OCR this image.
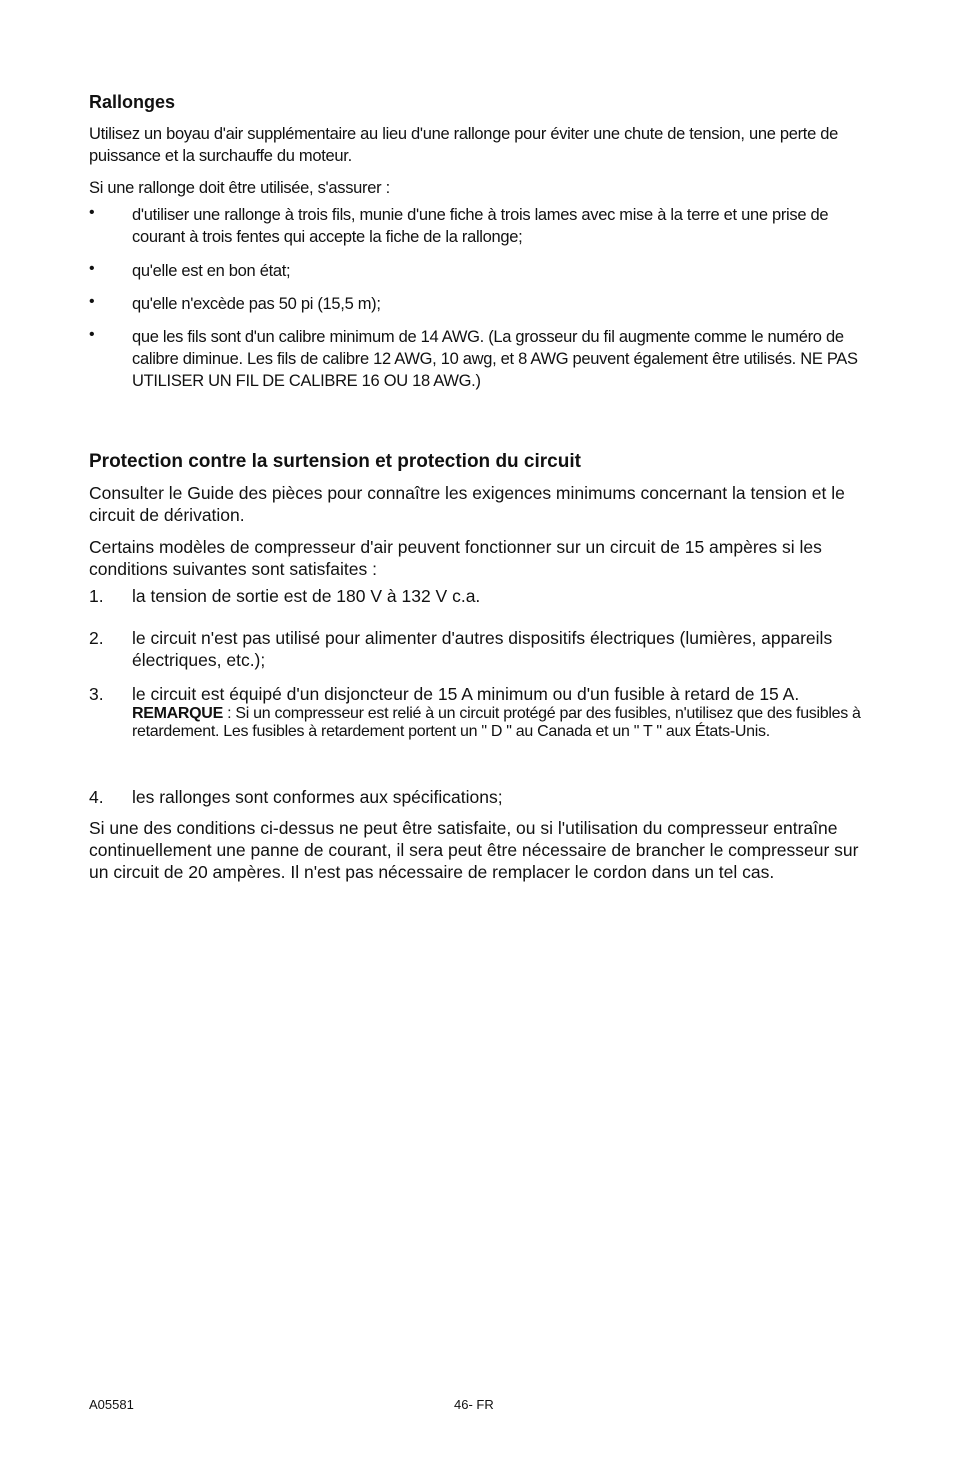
Rallonges
Utilisez un boyau d'air supplémentaire au lieu d'une rallonge pour éviter une chute de tension, une perte de puissance et la surchauffe du moteur.
Si une rallonge doit être utilisée, s'assurer :
•	d'utiliser une rallonge à trois fils, munie d'une fiche à trois lames avec mise à la terre et une prise de courant à trois fentes qui accepte la fiche de la rallonge;
•	qu'elle est en bon état;
•	qu'elle n'excède pas 50 pi (15,5 m);
•	que les fils sont d'un calibre minimum de 14 AWG. (La grosseur du fil augmente comme le numéro de calibre diminue. Les fils de calibre 12 AWG, 10 awg, et 8 AWG peuvent également être utilisés. NE PAS UTILISER UN FIL DE CALIBRE 16 OU 18 AWG.)
Protection contre la surtension et protection du circuit
Consulter le Guide des pièces pour connaître les exigences minimums concernant la tension et le circuit de dérivation.
Certains modèles de compresseur d'air peuvent fonctionner sur un circuit de 15 ampères si les conditions suivantes sont satisfaites :
1. la tension de sortie est de 180 V à 132 V c.a.
2. le circuit n'est pas utilisé pour alimenter d'autres dispositifs électriques (lumières, appareils électriques, etc.);
3. le circuit est équipé d'un disjoncteur de 15 A minimum ou d'un fusible à retard de 15 A. REMARQUE : Si un compresseur est relié à un circuit protégé par des fusibles, n'utilisez que des fusibles à retardement. Les fusibles à retardement portent un " D " au Canada et un " T " aux États-Unis.
4. les rallonges sont conformes aux spécifications;
Si une des conditions ci-dessus ne peut être satisfaite, ou si l'utilisation du compresseur entraîne continuellement une panne de courant, il sera peut être nécessaire de brancher le compresseur sur un circuit de 20 ampères. Il n'est pas nécessaire de remplacer le cordon dans un tel cas.
A05581	46- FR
